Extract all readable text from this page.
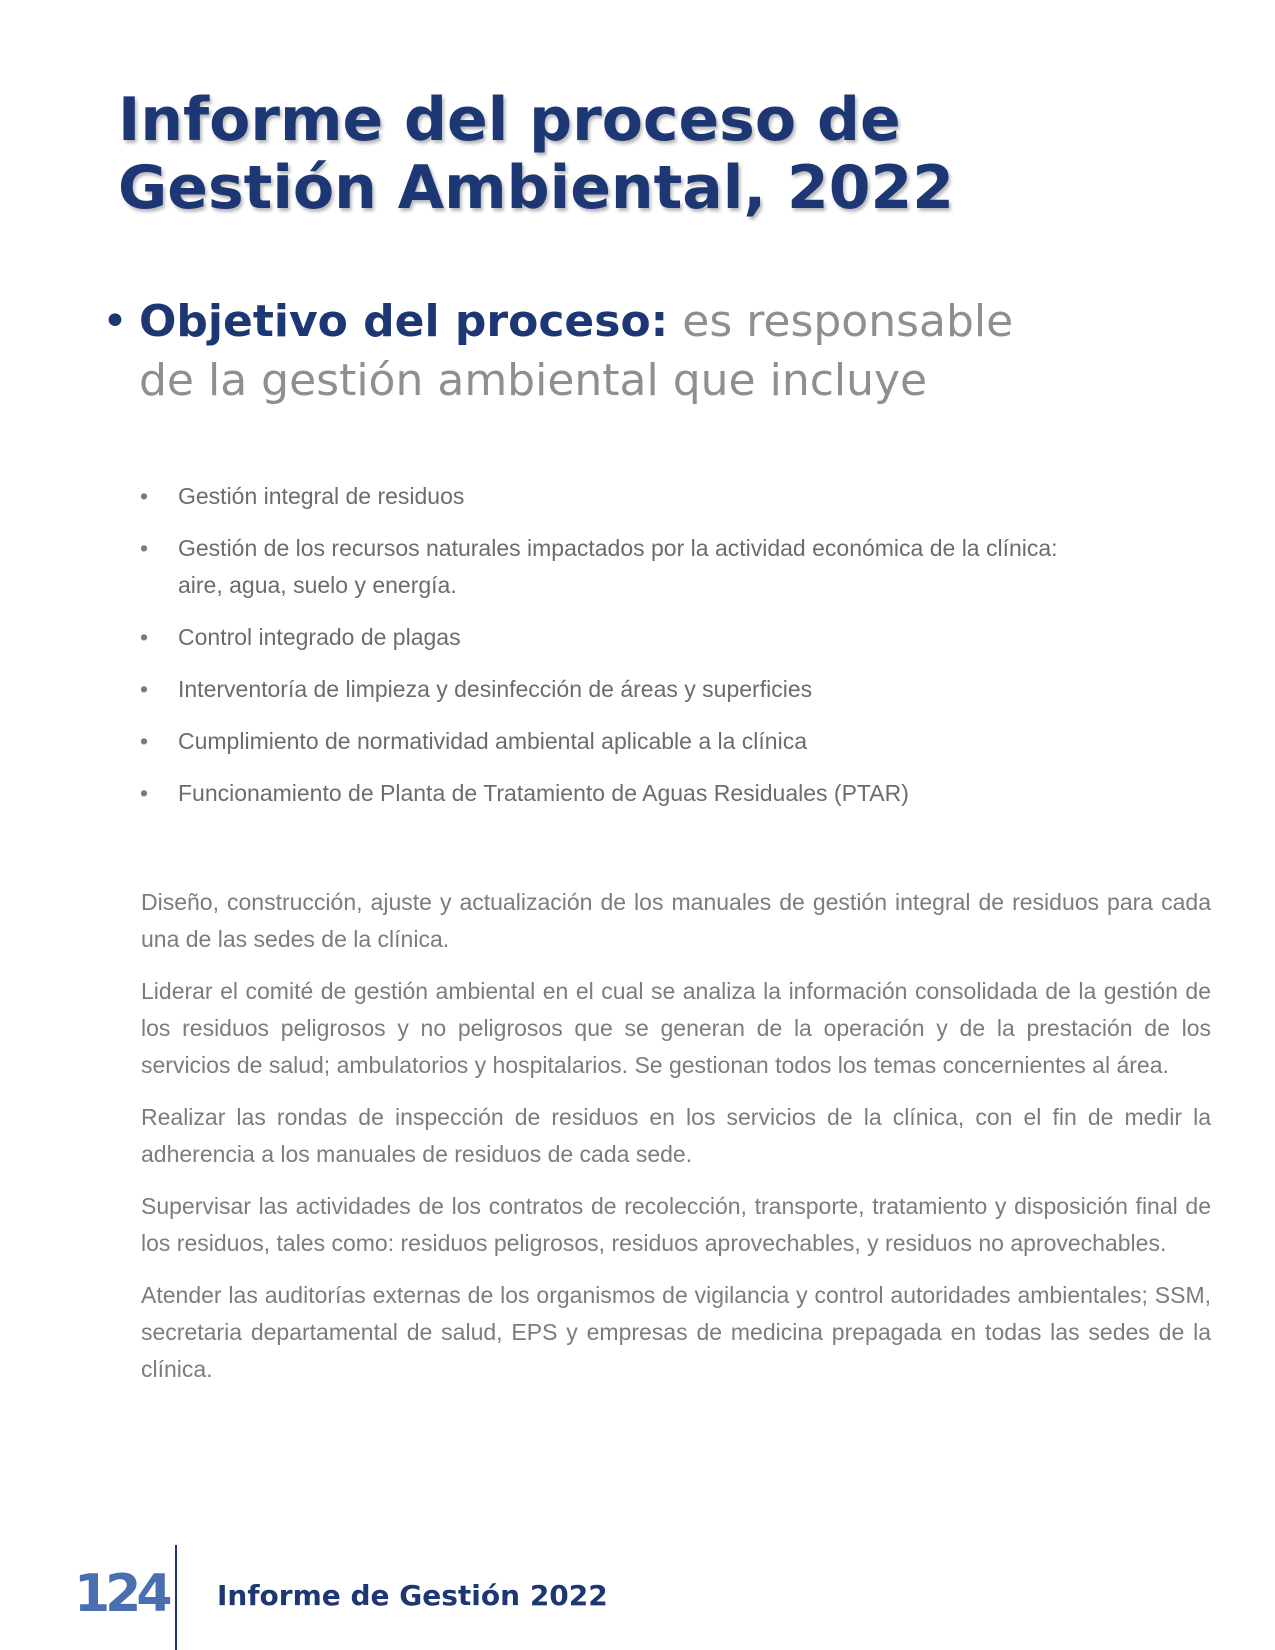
Informe del proceso de Gestión Ambiental, 2022
• Objetivo del proceso: es responsable de la gestión ambiental que incluye
• Gestión integral de residuos
• Gestión de los recursos naturales impactados por la actividad económica de la clínica: aire, agua, suelo y energía.
• Control integrado de plagas
• Interventoría de limpieza y desinfección de áreas y superficies
• Cumplimiento de normatividad ambiental aplicable a la clínica
• Funcionamiento de Planta de Tratamiento de Aguas Residuales (PTAR)

Diseño, construcción, ajuste y actualización de los manuales de gestión integral de residuos para cada una de las sedes de la clínica.

Liderar el comité de gestión ambiental en el cual se analiza la información consolidada de la gestión de los residuos peligrosos y no peligrosos que se generan de la operación y de la prestación de los servicios de salud; ambulatorios y hospitalarios. Se gestionan todos los temas concernientes al área.

Realizar las rondas de inspección de residuos en los servicios de la clínica, con el fin de medir la adherencia a los manuales de residuos de cada sede.

Supervisar las actividades de los contratos de recolección, transporte, tratamiento y disposición final de los residuos, tales como: residuos peligrosos, residuos aprovechables, y residuos no aprovechables.

Atender las auditorías externas de los organismos de vigilancia y control autoridades ambientales; SSM, secretaria departamental de salud, EPS y empresas de medicina prepagada en todas las sedes de la clínica.

124 Informe de Gestión 2022
